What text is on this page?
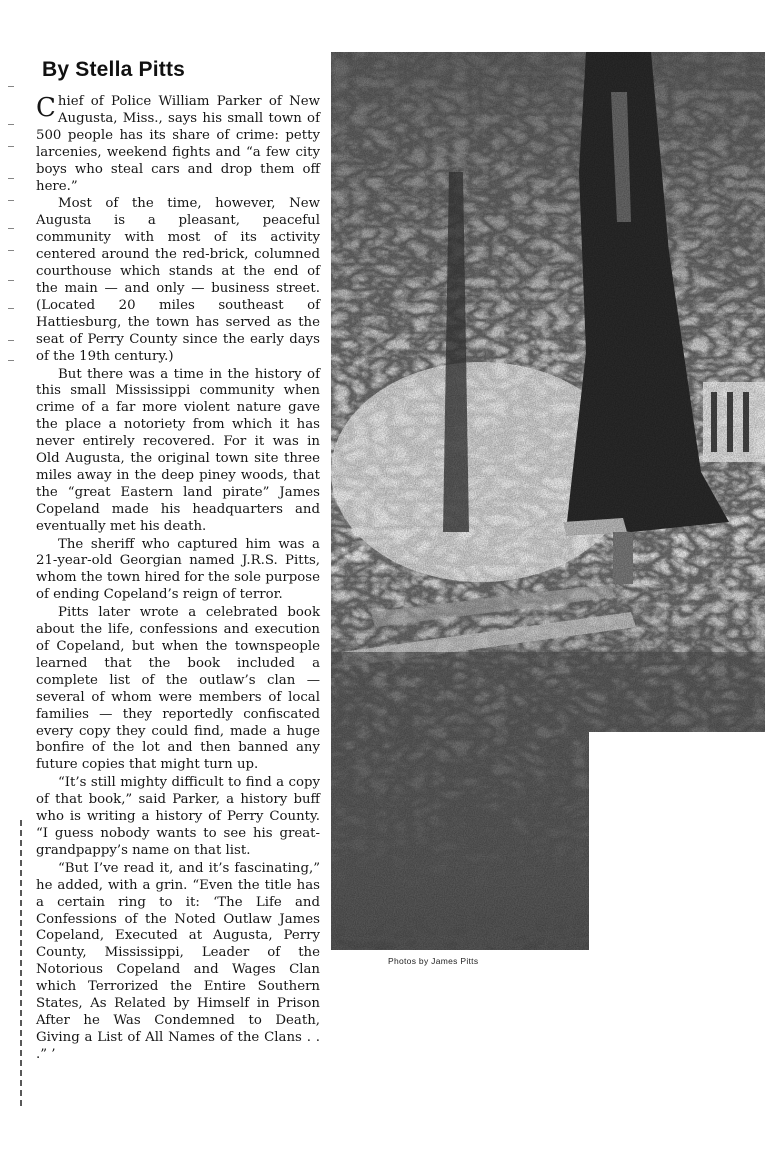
By Stella Pitts

Chief of Police William Parker of New Augusta, Miss., says his small town of 500 people has its share of crime: petty larcenies, weekend fights and “a few city boys who steal cars and drop them off here.”

Most of the time, however, New Augusta is a pleasant, peaceful community with most of its activity centered around the red-brick, columned courthouse which stands at the end of the main — and only — business street. (Located 20 miles southeast of Hattiesburg, the town has served as the seat of Perry County since the early days of the 19th century.)

But there was a time in the history of this small Mississippi community when crime of a far more violent nature gave the place a notoriety from which it has never entirely recovered. For it was in Old Augusta, the original town site three miles away in the deep piney woods, that the “great Eastern land pirate” James Copeland made his headquarters and eventually met his death.

The sheriff who captured him was a 21-year-old Georgian named J.R.S. Pitts, whom the town hired for the sole purpose of ending Copeland’s reign of terror.

Pitts later wrote a celebrated book about the life, confessions and execution of Copeland, but when the townspeople learned that the book included a complete list of the outlaw’s clan — several of whom were members of local families — they reportedly confiscated every copy they could find, made a huge bonfire of the lot and then banned any future copies that might turn up.

“It’s still mighty difficult to find a copy of that book,” said Parker, a history buff who is writing a history of Perry County. “I guess nobody wants to see his great-grandpappy’s name on that list.

“But I’ve read it, and it’s fascinating,” he added, with a grin. “Even the title has a certain ring to it: ‘The Life and Confessions of the Noted Outlaw James Copeland, Executed at Augusta, Perry County, Mississippi, Leader of the Notorious Copeland and Wages Clan which Terrorized the Entire Southern States, As Related by Himself in Prison After he Was Condemned to Death, Giving a List of All Names of the Clans . . .” ’

Photos by James Pitts
